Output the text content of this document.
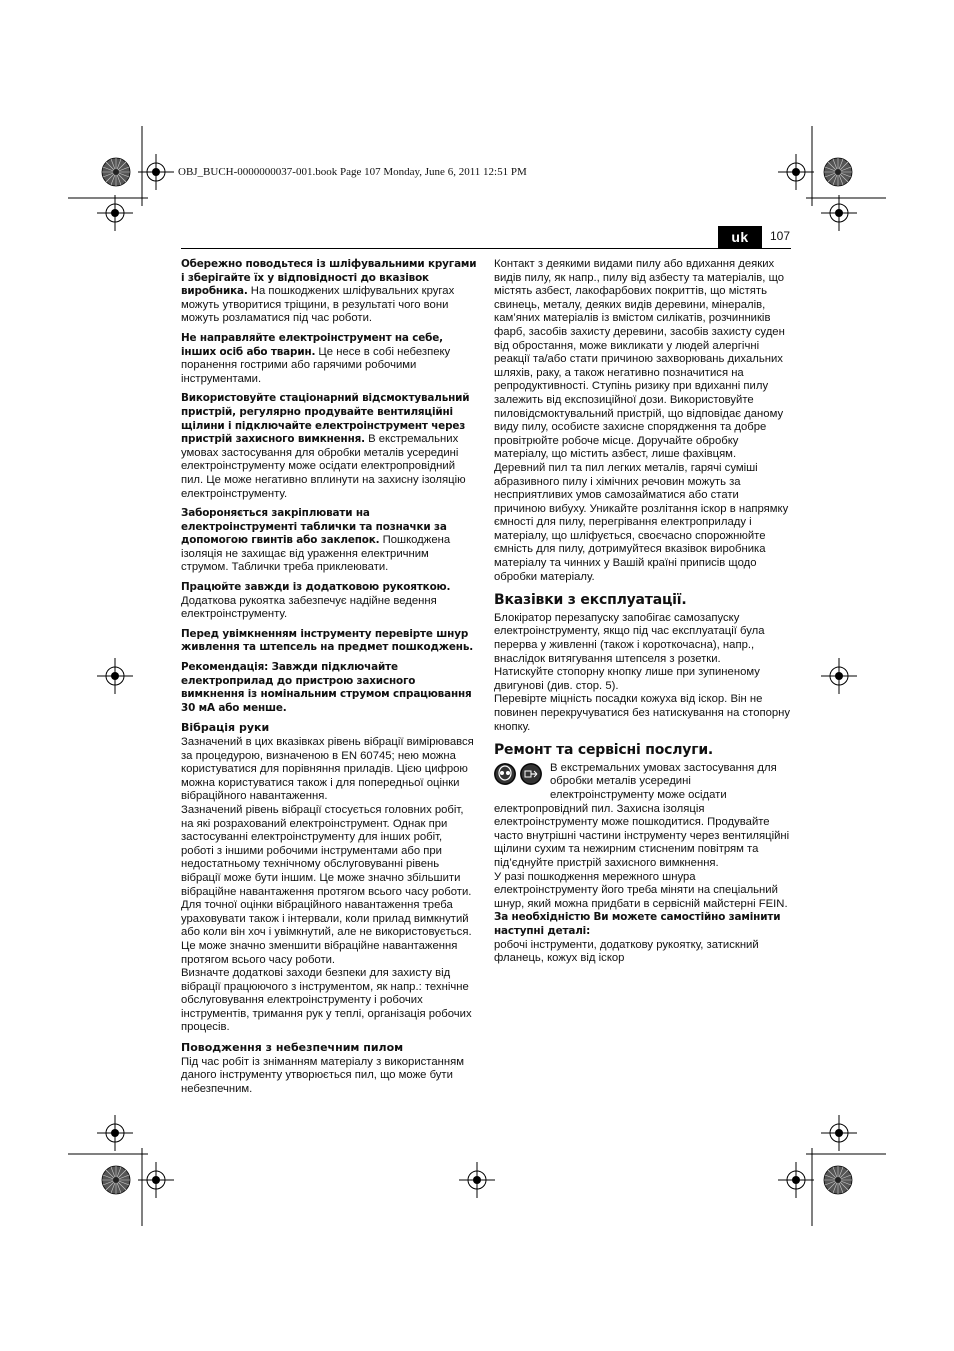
OBJ_BUCH-0000000037-001.book Page 107 Monday, June 6, 2011 12:51 PM
uk	107

Обережно поводьтеся із шліфувальними кругами і зберігайте їх у відповідності до вказівок виробника. На пошкоджених шліфувальних кругах можуть утворитися тріщини, в результаті чого вони можуть розламатися під час роботи.

Не направляйте електроінструмент на себе, інших осіб або тварин. Це несе в собі небезпеку поранення гострими або гарячими робочими інструментами.

Використовуйте стаціонарний відсмоктувальний пристрій, регулярно продувайте вентиляційні щілини і підключайте електроінструмент через пристрій захисного вимкнення. В екстремальних умовах застосування для обробки металів усередині електроінструменту може осідати електропровідний пил. Це може негативно вплинути на захисну ізоляцію електроінструменту.

Забороняється закріплювати на електроінструменті таблички та позначки за допомогою гвинтів або заклепок. Пошкоджена ізоляція не захищає від ураження електричним струмом. Таблички треба приклеювати.

Працюйте завжди із додатковою рукояткою. Додаткова рукоятка забезпечує надійне ведення електроінструменту.

Перед увімкненням інструменту перевірте шнур живлення та штепсель на предмет пошкоджень.

Рекомендація: Завжди підключайте електроприлад до пристрою захисного вимкнення із номінальним струмом спрацювання 30 мА або менше.

Вібрація руки

Зазначений в цих вказівках рівень вібрації вимірювався за процедурою, визначеною в EN 60745; нею можна користуватися для порівняння приладів. Цією цифрою можна користуватися також і для попередньої оцінки вібраційного навантаження.

Зазначений рівень вібрації стосується головних робіт, на які розрахований електроінструмент. Однак при застосуванні електроінструменту для інших робіт, роботі з іншими робочими інструментами або при недостатньому технічному обслуговуванні рівень вібрації може бути іншим. Це може значно збільшити вібраційне навантаження протягом всього часу роботи.

Для точної оцінки вібраційного навантаження треба ураховувати також і інтервали, коли прилад вимкнутий або коли він хоч і увімкнутий, але не використовується. Це може значно зменшити вібраційне навантаження протягом всього часу роботи.

Визначте додаткові заходи безпеки для захисту від вібрації працюючого з інструментом, як напр.: технічне обслуговування електроінструменту і робочих інструментів, тримання рук у теплі, організація робочих процесів.

Поводження з небезпечним пилом

Під час робіт із зніманням матеріалу з використанням даного інструменту утворюється пил, що може бути небезпечним.

Контакт з деякими видами пилу або вдихання деяких видів пилу, як напр., пилу від азбесту та матеріалів, що містять азбест, лакофарбових покриттів, що містять свинець, металу, деяких видів деревини, мінералів, кам’яних матеріалів із вмістом силікатів, розчинників фарб, засобів захисту деревини, засобів захисту суден від обростання, може викликати у людей алергічні реакції та/або стати причиною захворювань дихальних шляхів, раку, а також негативно позначитися на репродуктивності. Ступінь ризику при вдиханні пилу залежить від експозиційної дози. Використовуйте пиловідсмоктувальний пристрій, що відповідає даному виду пилу, особисте захисне спорядження та добре провітрюйте робоче місце. Доручайте обробку матеріалу, що містить азбест, лише фахівцям.

Деревний пил та пил легких металів, гарячі суміші абразивного пилу і хімічних речовин можуть за несприятливих умов самозайматися або стати причиною вибуху. Уникайте розлітання іскор в напрямку ємності для пилу, перегрівання електроприладу і матеріалу, що шліфується, своєчасно спорожнюйте ємність для пилу, дотримуйтеся вказівок виробника матеріалу та чинних у Вашій країні приписів щодо обробки матеріалу.

Вказівки з експлуатації.

Блокіратор перезапуску запобігає самозапуску електроінструменту, якщо під час експлуатації була перерва у живленні (також і короткочасна), напр., внаслідок витягування штепселя з розетки.

Натискуйте стопорну кнопку лише при зупиненому двигунові (див. стор. 5).

Перевірте міцність посадки кожуха від іскор. Він не повинен перекручуватися без натискування на стопорну кнопку.

Ремонт та сервісні послуги.

В екстремальних умовах застосування для обробки металів усередині електроінструменту може осідати електропровідний пил. Захисна ізоляція електроінструменту може пошкодитися. Продувайте часто внутрішні частини інструменту через вентиляційні щілини сухим та нежирним стисненим повітрям та під’єднуйте пристрій захисного вимкнення.

У разі пошкодження мережного шнура електроінструменту його треба міняти на спеціальний шнур, який можна придбати в сервісній майстерні FEIN.

За необхідністю Ви можете самостійно замінити наступні деталі:

робочі інструменти, додаткову рукоятку, затискний фланець, кожух від іскор
